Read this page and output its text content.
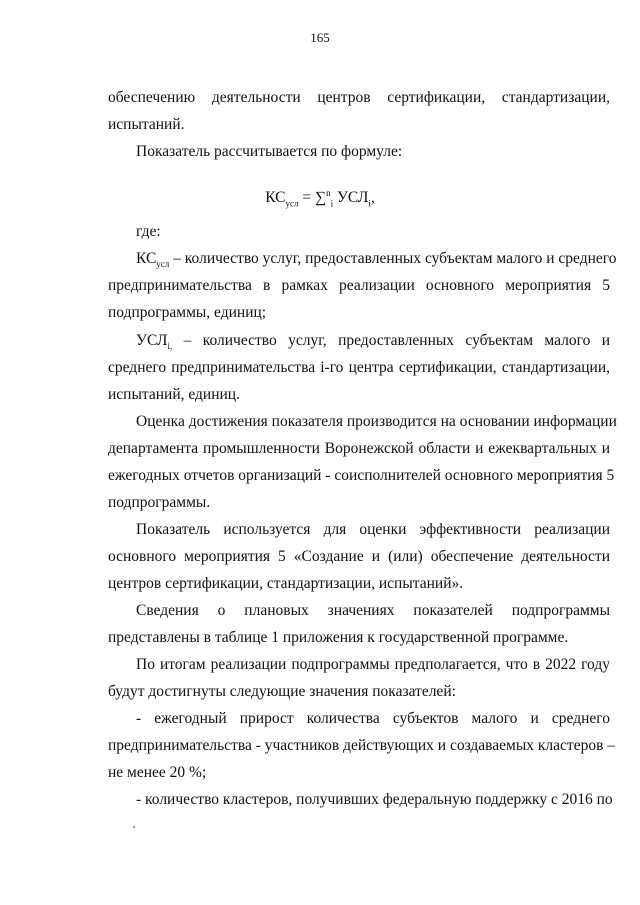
165
обеспечению деятельности центров сертификации, стандартизации,
испытаний.
Показатель рассчитывается по формуле:
$КС_{усл} = \sum^n_i$ $УСЛ_i$,
где:
$КС_{усл}$ – количество услуг, предоставленных субъектам малого и среднего
предпринимательства в рамках реализации основного мероприятия 5
подпрограммы, единиц;
$УСЛ_{i,}$ – количество услуг, предоставленных субъектам малого и
среднего предпринимательства i-го центра сертификации, стандартизации,
испытаний, единиц.
Оценка достижения показателя производится на основании информации
департамента промышленности Воронежской области и ежеквартальных и
ежегодных отчетов организаций - соисполнителей основного мероприятия 5
подпрограммы.
Показатель используется для оценки эффективности реализации
основного мероприятия 5 «Создание и (или) обеспечение деятельности
центров сертификации, стандартизации, испытаний».
Сведения о плановых значениях показателей подпрограммы
представлены в таблице 1 приложения к государственной программе.
По итогам реализации подпрограммы предполагается, что в 2022 году
будут достигнуты следующие значения показателей:
- ежегодный прирост количества субъектов малого и среднего
предпринимательства - участников действующих и создаваемых кластеров –
не менее 20 %;
- количество кластеров, получивших федеральную поддержку с 2016 по
